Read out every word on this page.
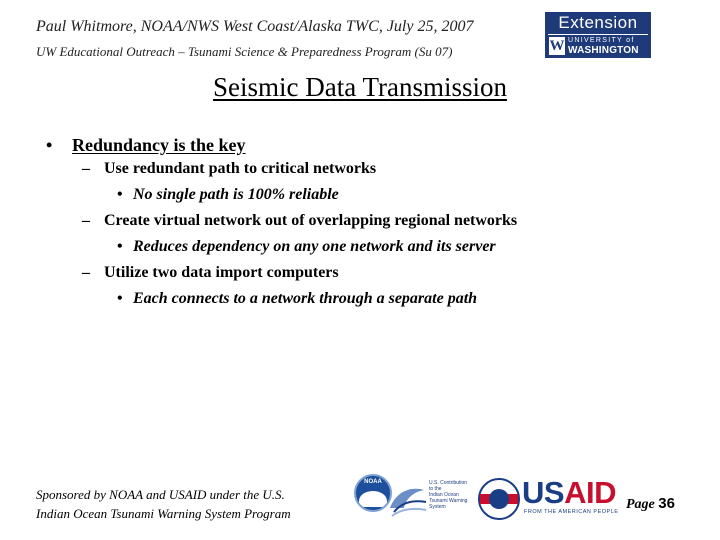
Paul Whitmore, NOAA/NWS West Coast/Alaska TWC, July 25, 2007
UW Educational Outreach – Tsunami Science & Preparedness Program (Su 07)
Extension
W UNIVERSITY of
WASHINGTON
Seismic Data Transmission
• Redundancy is the key
– Use redundant path to critical networks
• No single path is 100% reliable
– Create virtual network out of overlapping regional networks
• Reduces dependency on any one network and its server
– Utilize two data import computers
• Each connects to a network through a separate path
Sponsored by NOAA and USAID under the U.S.
Indian Ocean Tsunami Warning System Program
NOAA	U.S. Contribution to the
Indian Ocean
Tsunami Warning
System	USAID
FROM THE AMERICAN PEOPLE Page 36
